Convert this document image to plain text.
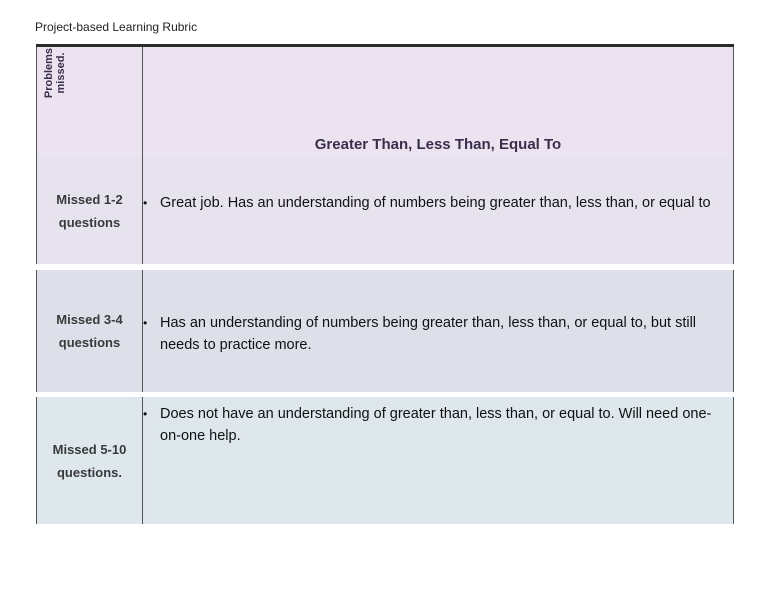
Project-based Learning Rubric
Problems missed.
Greater Than, Less Than, Equal To
Missed 1-2 questions
• Great job. Has an understanding of numbers being greater than, less than, or equal to
Missed 3-4 questions
• Has an understanding of numbers being greater than, less than, or equal to, but still needs to practice more.
Missed 5-10 questions.
• Does not have an understanding of greater than, less than, or equal to. Will need one-on-one help.
